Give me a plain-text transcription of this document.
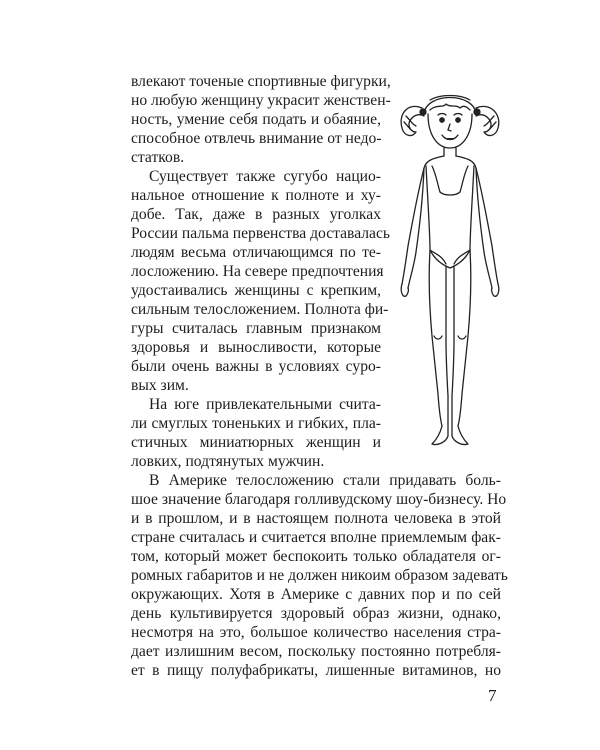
влекают точеные спортивные фигурки,
но любую женщину украсит женствен-
ность, умение себя подать и обаяние,
способное отвлечь внимание от недо-
статков.
Существует также сугубо нацио-
нальное отношение к полноте и ху-
добе. Так, даже в разных уголках
России пальма первенства доставалась
людям весьма отличающимся по те-
лосложению. На севере предпочтения
удостаивались женщины с крепким,
сильным телосложением. Полнота фи-
гуры считалась главным признаком
здоровья и выносливости, которые
были очень важны в условиях суро-
вых зим.
На юге привлекательными счита-
ли смуглых тоненьких и гибких, пла-
стичных миниатюрных женщин и
ловких, подтянутых мужчин.
В Америке телосложению стали придавать боль-
шое значение благодаря голливудскому шоу-бизнесу. Но
и в прошлом, и в настоящем полнота человека в этой
стране считалась и считается вполне приемлемым фак-
том, который может беспокоить только обладателя ог-
ромных габаритов и не должен никоим образом задевать
окружающих. Хотя в Америке с давних пор и по сей
день культивируется здоровый образ жизни, однако,
несмотря на это, большое количество населения стра-
дает излишним весом, поскольку постоянно потребля-
ет в пищу полуфабрикаты, лишенные витаминов, но
7
